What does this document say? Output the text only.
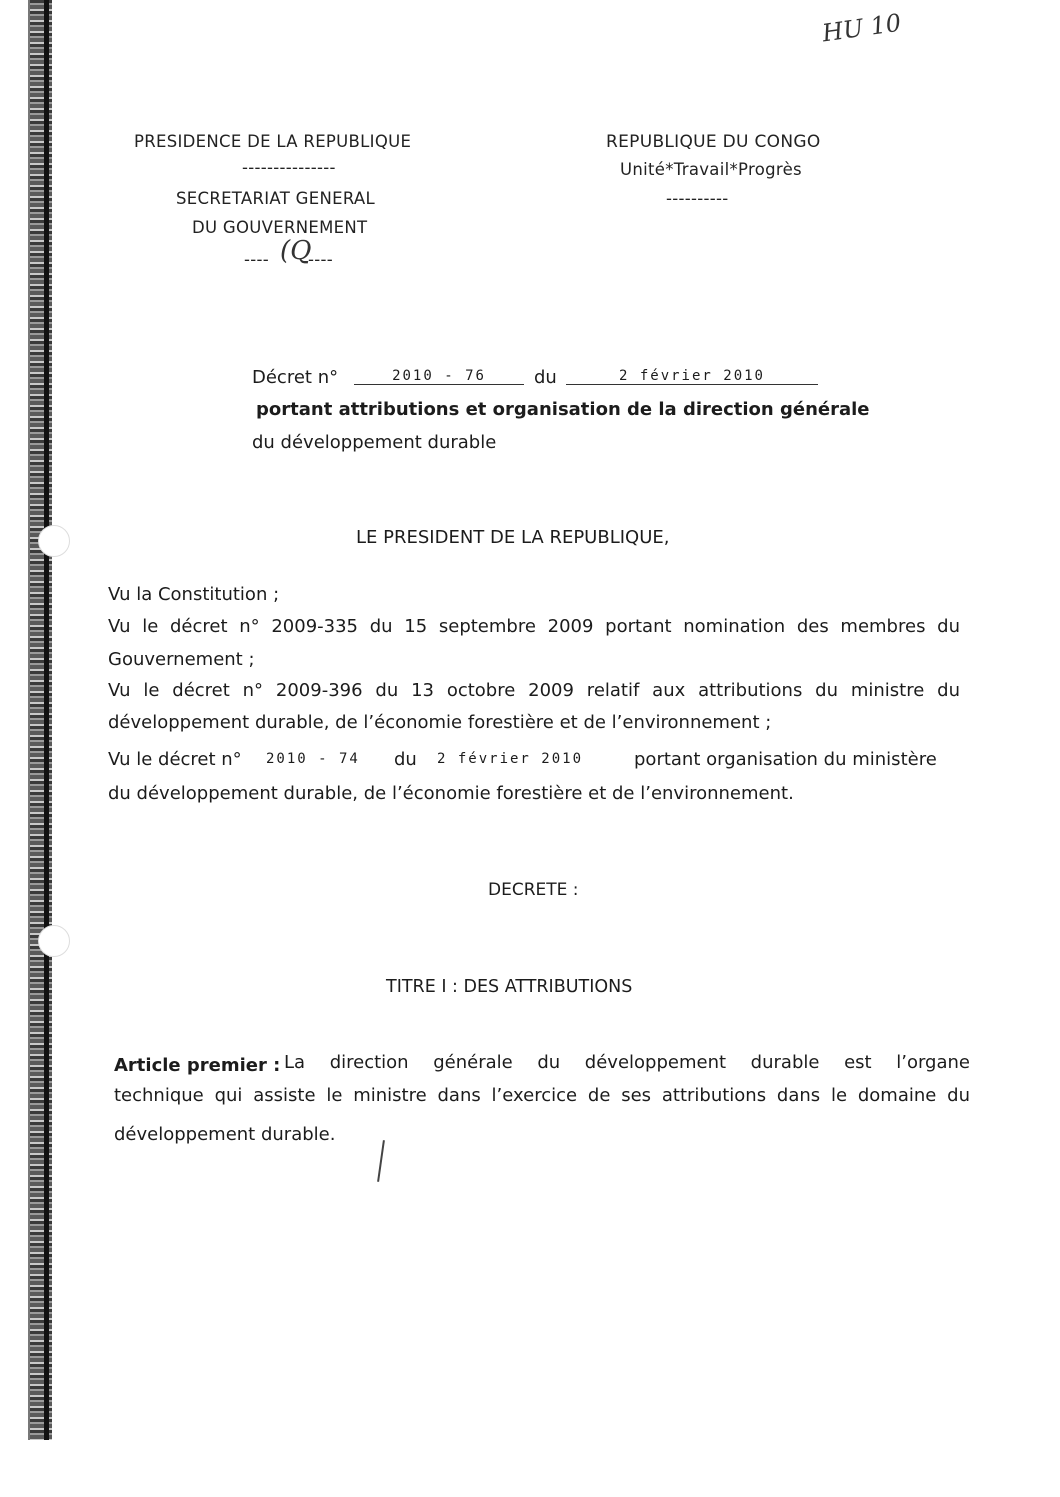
HU 10
PRESIDENCE DE LA REPUBLIQUE
---------------
SECRETARIAT GENERAL
DU GOUVERNEMENT
---- (Q
----
REPUBLIQUE DU CONGO
Unité*Travail*Progrès
----------
Décret n°	2010 - 76	du	2 février 2010
portant attributions et organisation de la direction générale
du développement durable
LE PRESIDENT DE LA REPUBLIQUE,
Vu la Constitution ;
Vu le décret n° 2009-335 du 15 septembre 2009 portant nomination des membres du
Gouvernement ;
Vu le décret n° 2009-396 du 13 octobre 2009 relatif aux attributions du ministre du
développement durable, de l’économie forestière et de l’environnement ;
Vu le décret n° 2010 - 74 du 2 février 2010	portant organisation du ministère
du développement durable, de l’économie forestière et de l’environnement.
DECRETE :
TITRE I : DES ATTRIBUTIONS
Article premier : La direction générale du développement durable est l’organe
technique qui assiste le ministre dans l’exercice de ses attributions dans le domaine du
développement durable.
